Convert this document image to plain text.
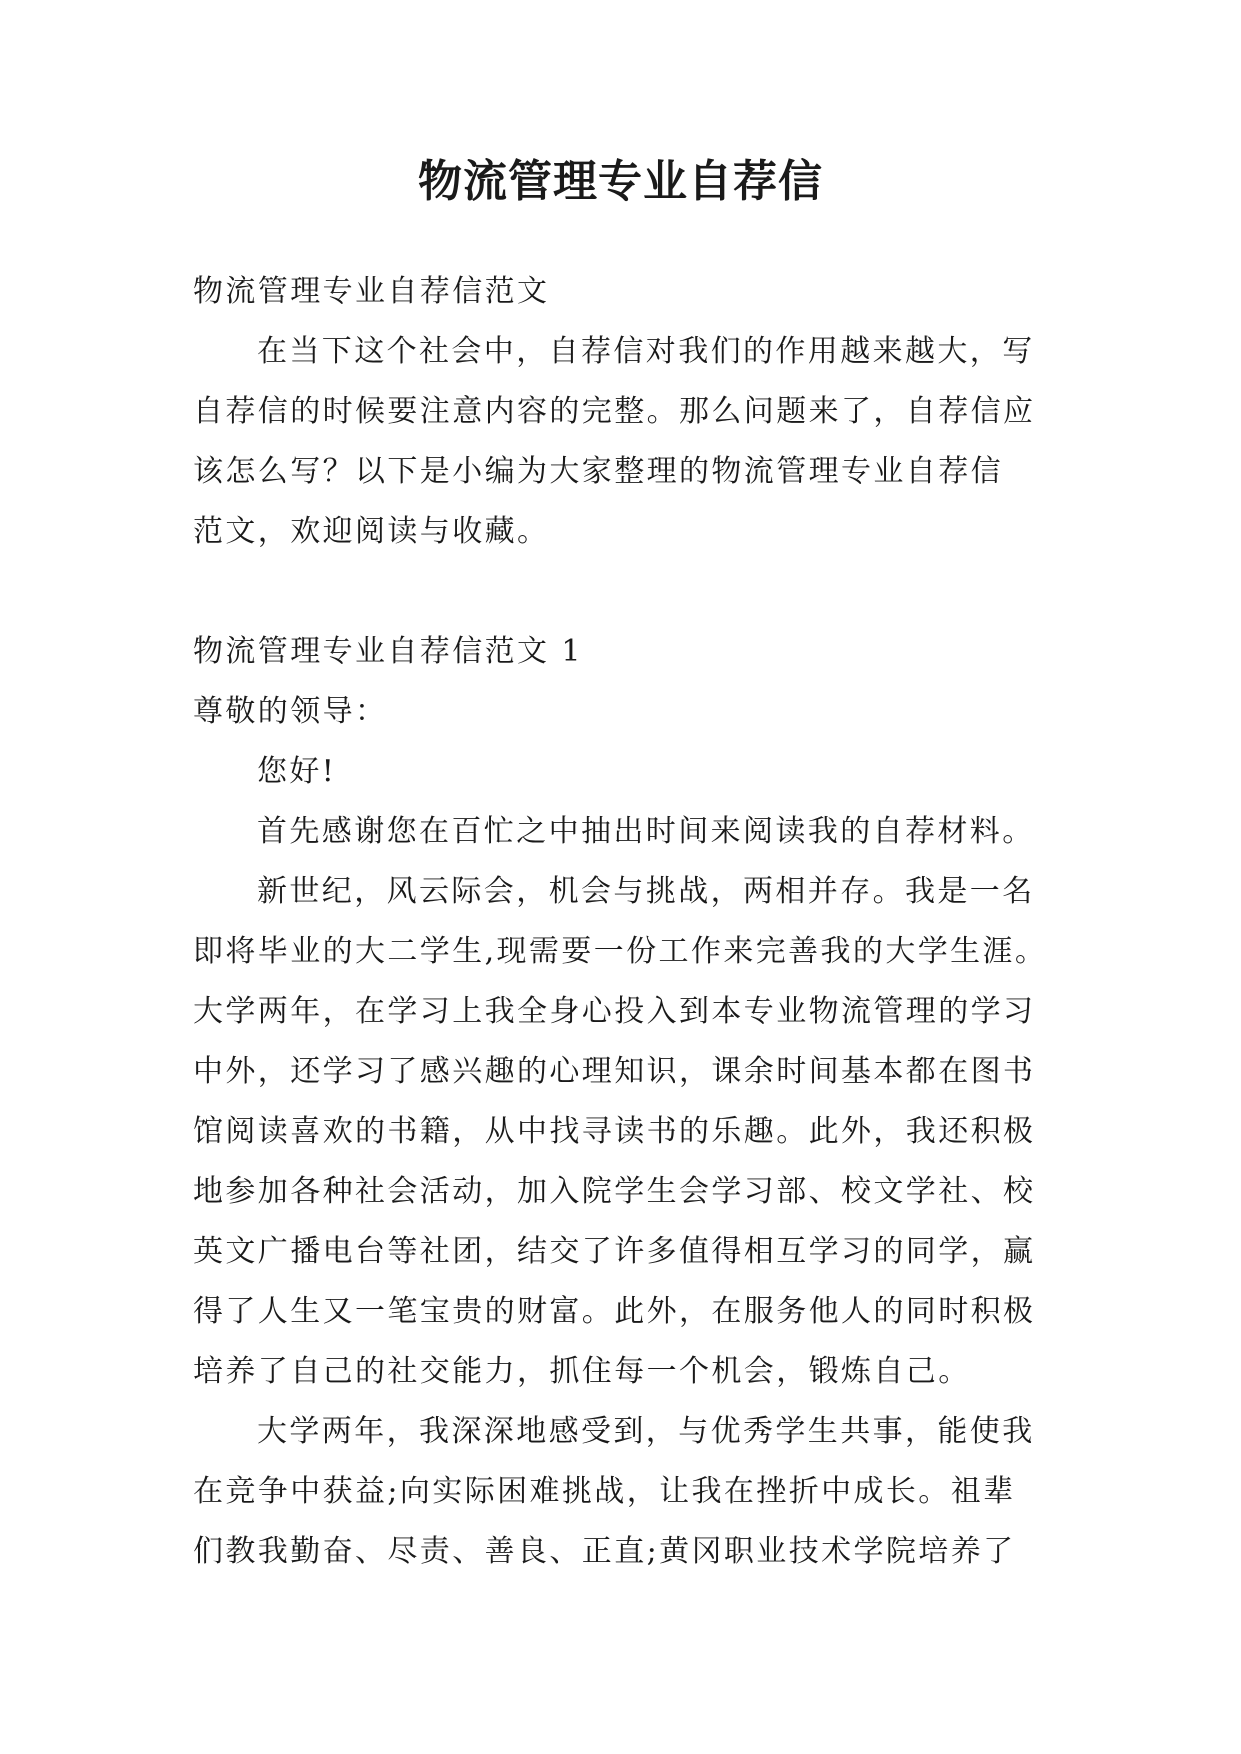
物流管理专业自荐信

物流管理专业自荐信范文

在当下这个社会中，自荐信对我们的作用越来越大，写

自荐信的时候要注意内容的完整。那么问题来了，自荐信应

该怎么写？以下是小编为大家整理的物流管理专业自荐信

范文，欢迎阅读与收藏。

物流管理专业自荐信范文 1

尊敬的领导：

您好!

首先感谢您在百忙之中抽出时间来阅读我的自荐材料。

新世纪，风云际会，机会与挑战，两相并存。我是一名

即将毕业的大二学生,现需要一份工作来完善我的大学生涯。

大学两年，在学习上我全身心投入到本专业物流管理的学习

中外，还学习了感兴趣的心理知识，课余时间基本都在图书

馆阅读喜欢的书籍，从中找寻读书的乐趣。此外，我还积极

地参加各种社会活动，加入院学生会学习部、校文学社、校

英文广播电台等社团，结交了许多值得相互学习的同学，赢

得了人生又一笔宝贵的财富。此外，在服务他人的同时积极

培养了自己的社交能力，抓住每一个机会，锻炼自己。

大学两年，我深深地感受到，与优秀学生共事，能使我

在竞争中获益;向实际困难挑战，让我在挫折中成长。祖辈

们教我勤奋、尽责、善良、正直;黄冈职业技术学院培养了
